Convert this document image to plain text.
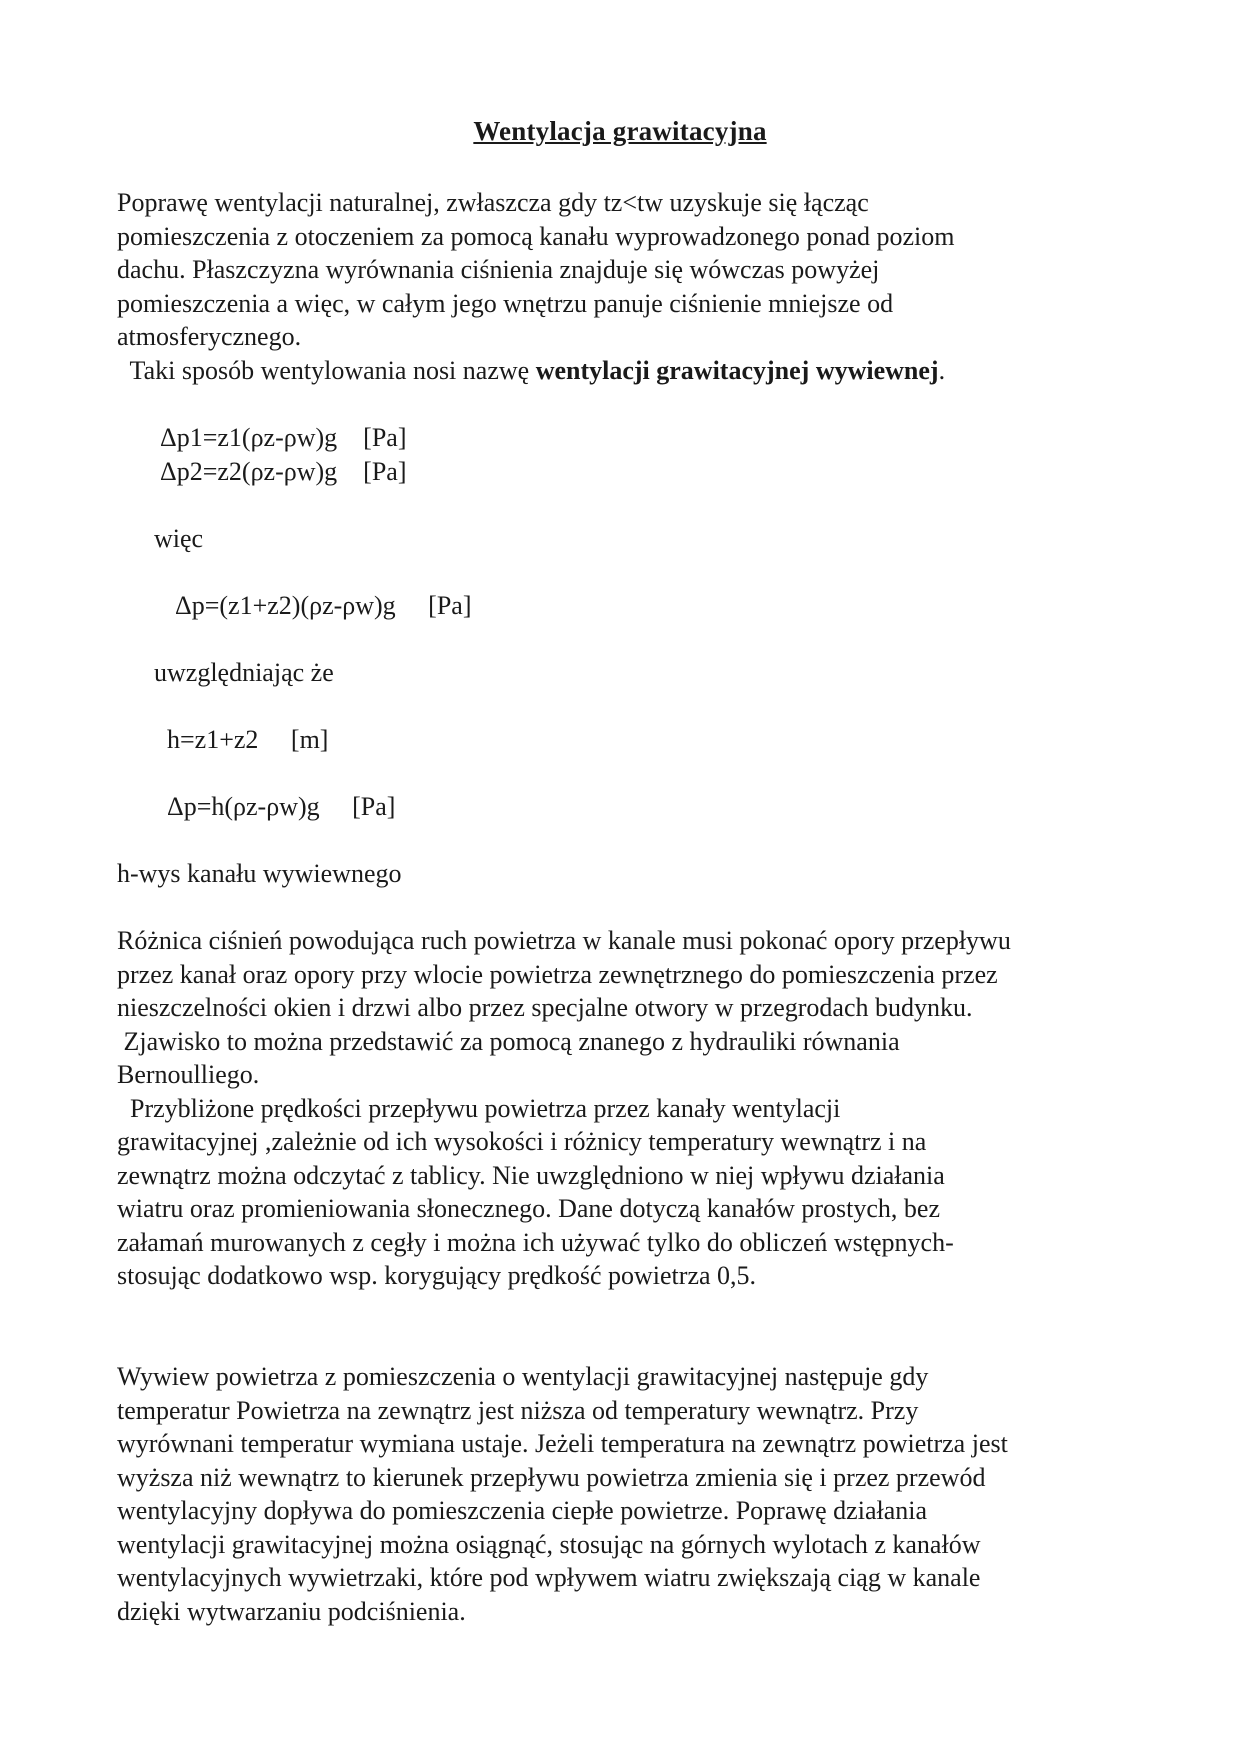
Wentylacja grawitacyjna
Poprawę wentylacji naturalnej, zwłaszcza gdy tz<tw uzyskuje się łącząc
pomieszczenia z otoczeniem za pomocą kanału wyprowadzonego ponad poziom
dachu. Płaszczyzna wyrównania ciśnienia znajduje się wówczas powyżej
pomieszczenia a więc, w całym jego wnętrzu panuje ciśnienie mniejsze od
atmosferycznego.
Taki sposób wentylowania nosi nazwę wentylacji grawitacyjnej wywiewnej.
Δp1=z1(ρz-ρw)g    [Pa]
Δp2=z2(ρz-ρw)g    [Pa]
więc
Δp=(z1+z2)(ρz-ρw)g     [Pa]
uwzględniając że
h=z1+z2     [m]
Δp=h(ρz-ρw)g     [Pa]
h-wys kanału wywiewnego
Różnica ciśnień powodująca ruch powietrza w kanale musi pokonać opory przepływu
przez kanał oraz opory przy wlocie powietrza zewnętrznego do pomieszczenia przez
nieszczelności okien i drzwi albo przez specjalne otwory w przegrodach budynku.
Zjawisko to można przedstawić za pomocą znanego z hydrauliki równania
Bernoulliego.
Przybliżone prędkości przepływu powietrza przez kanały wentylacji
grawitacyjnej ,zależnie od ich wysokości i różnicy temperatury wewnątrz i na
zewnątrz można odczytać z tablicy. Nie uwzględniono w niej wpływu działania
wiatru oraz promieniowania słonecznego. Dane dotyczą kanałów prostych, bez
załamań murowanych z cegły i można ich używać tylko do obliczeń wstępnych-
stosując dodatkowo wsp. korygujący prędkość powietrza 0,5.
Wywiew powietrza z pomieszczenia o wentylacji grawitacyjnej następuje gdy
temperatur Powietrza na zewnątrz jest niższa od temperatury wewnątrz. Przy
wyrównani temperatur wymiana ustaje. Jeżeli temperatura na zewnątrz powietrza jest
wyższa niż wewnątrz to kierunek przepływu powietrza zmienia się i przez przewód
wentylacyjny dopływa do pomieszczenia ciepłe powietrze. Poprawę działania
wentylacji grawitacyjnej można osiągnąć, stosując na górnych wylotach z kanałów
wentylacyjnych wywietrzaki, które pod wpływem wiatru zwiększają ciąg w kanale
dzięki wytwarzaniu podciśnienia.
